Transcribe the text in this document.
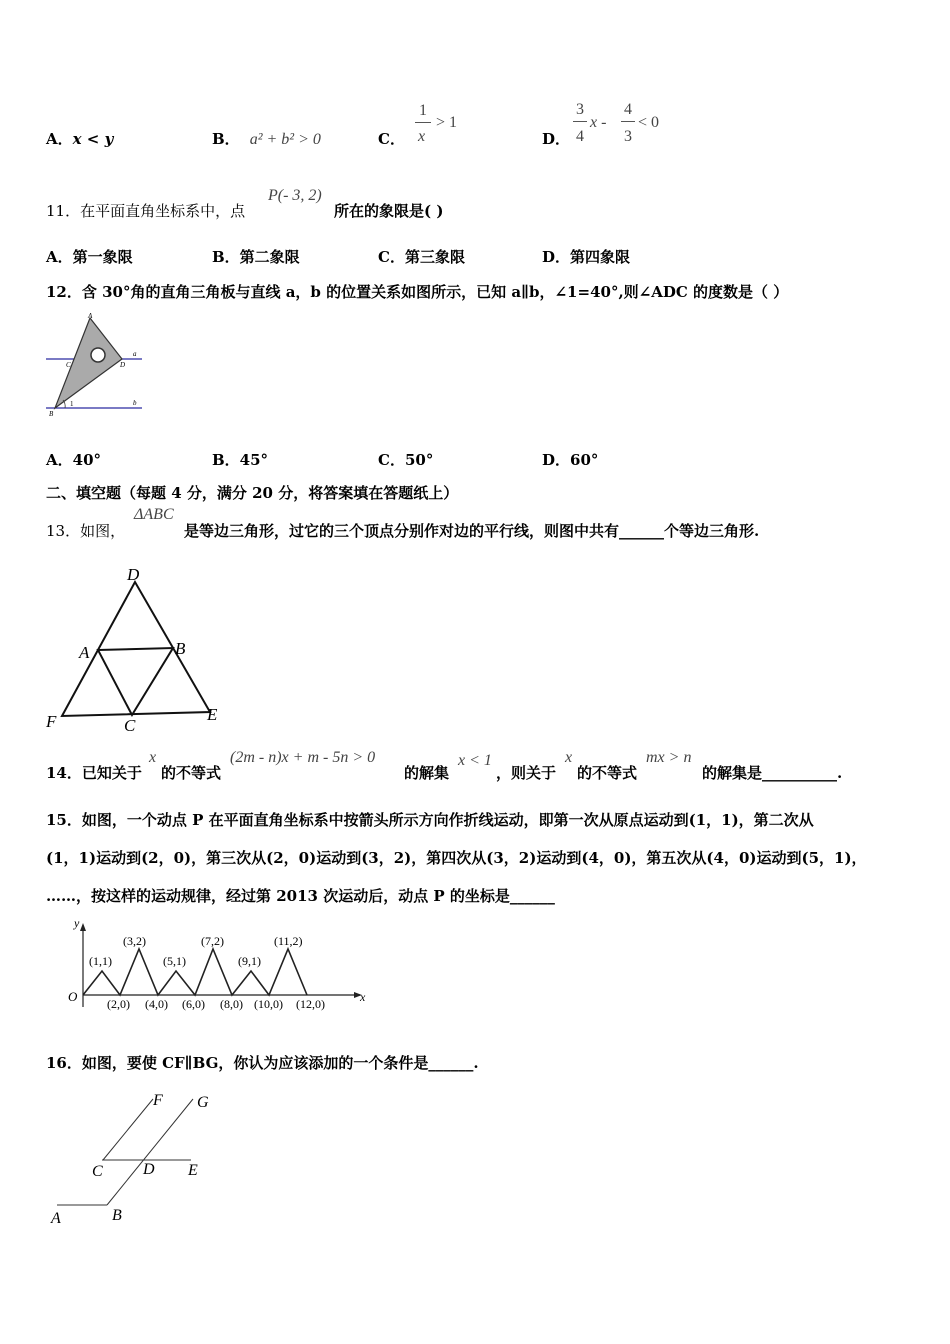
A．x < y	B． a² + b² > 0	C．
1
x
> 1
D．
3
4
x -
4
3
< 0
11．在平面直角坐标系中，点
P(- 3, 2)
所在的象限是( )
A．第一象限	B．第二象限	C．第三象限	D．第四象限
12．含 30°角的直角三角板与直线 a，b 的位置关系如图所示，已知 a∥b，∠1=40°,则∠ADC 的度数是（ ）
A
C	D
a
b
B
1
A．40°	B．45°	C．50°	D．60°
二、填空题（每题 4 分，满分 20 分，将答案填在答题纸上）
13．如图，
ΔABC
是等边三角形，过它的三个顶点分别作对边的平行线，则图中共有______个等边三角形.
D
A	B
F	C
E
14．已知关于
x
的不等式
(2m - n)x + m - 5n > 0
的解集
x < 1
，则关于
x
的不等式
mx > n
的解集是__________.
15．如图，一个动点 P 在平面直角坐标系中按箭头所示方向作折线运动，即第一次从原点运动到(1，1)，第二次从
(1，1)运动到(2，0)，第三次从(2，0)运动到(3，2)，第四次从(3，2)运动到(4，0)，第五次从(4，0)运动到(5，1)，
……，按这样的运动规律，经过第 2013 次运动后，动点 P 的坐标是______
y
x
O
(1,1)
(3,2)
(5,1)
(7,2)
(9,1)
(11,2)
(2,0) (4,0) (6,0) (8,0) (10,0) (12,0)
16．如图，要使 CF∥BG，你认为应该添加的一个条件是______.
F G
C	D E
A	B
